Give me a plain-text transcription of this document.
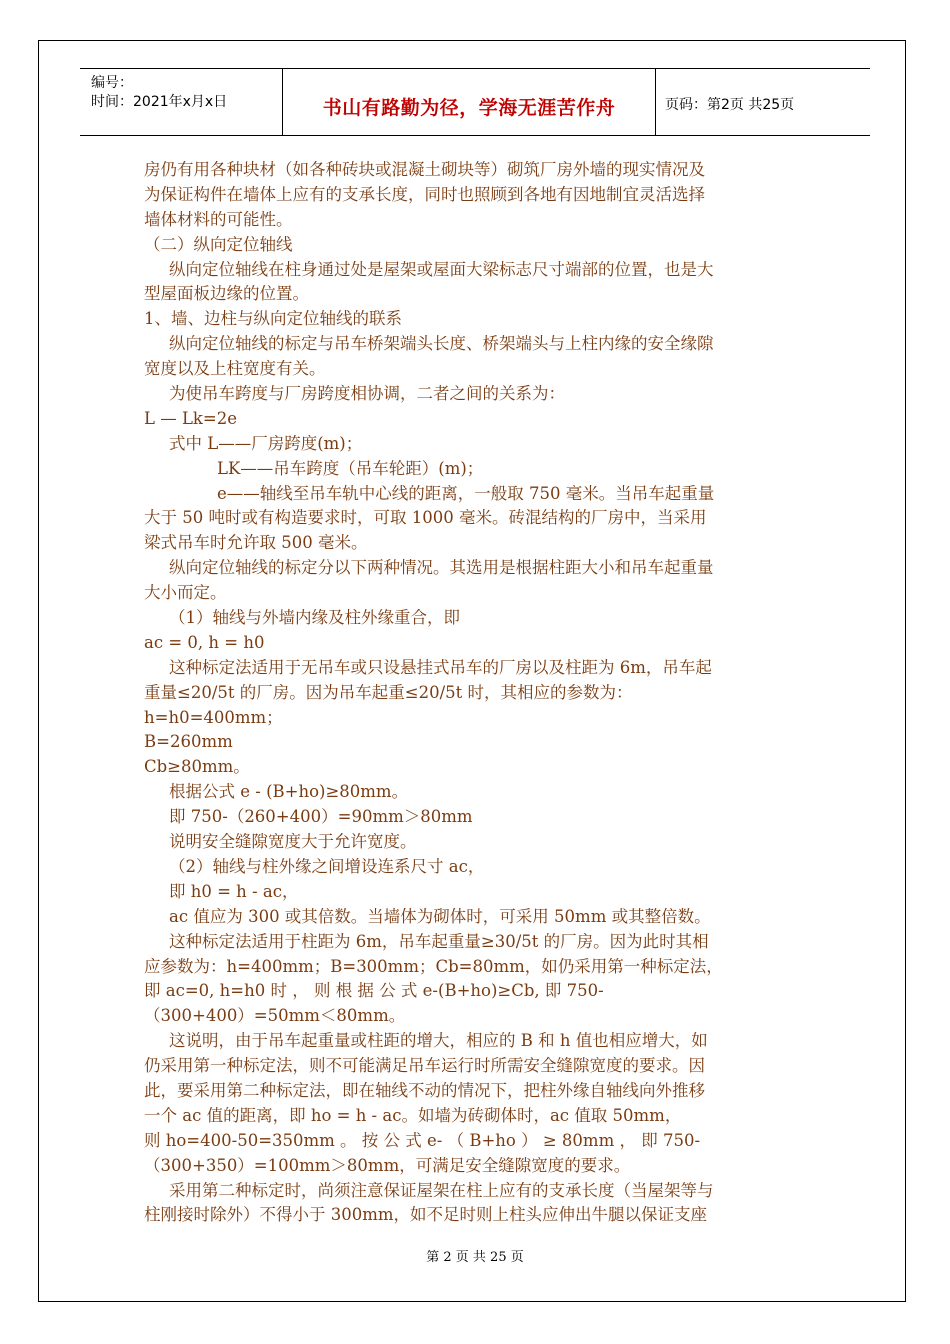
编号：
时间：2021年x月x日	书山有路勤为径，学海无涯苦作舟	页码：第2页 共25页
房仍有用各种块材（如各种砖块或混凝土砌块等）砌筑厂房外墙的现实情况及
为保证构件在墙体上应有的支承长度，同时也照顾到各地有因地制宜灵活选择
墙体材料的可能性。
（二）纵向定位轴线
纵向定位轴线在柱身通过处是屋架或屋面大梁标志尺寸端部的位置，也是大
型屋面板边缘的位置。
1、墙、边柱与纵向定位轴线的联系
纵向定位轴线的标定与吊车桥架端头长度、桥架端头与上柱内缘的安全缘隙
宽度以及上柱宽度有关。
为使吊车跨度与厂房跨度相协调，二者之间的关系为：
L — Lk=2e
式中 L——厂房跨度(m)；
LK——吊车跨度（吊车轮距）(m)；
e——轴线至吊车轨中心线的距离，一般取 750 毫米。当吊车起重量
大于 50 吨时或有构造要求时，可取 1000 毫米。砖混结构的厂房中，当采用
梁式吊车时允许取 500 毫米。
纵向定位轴线的标定分以下两种情况。其选用是根据柱距大小和吊车起重量
大小而定。
（1）轴线与外墙内缘及柱外缘重合，即
ac = 0, h = h0
这种标定法适用于无吊车或只设悬挂式吊车的厂房以及柱距为 6m，吊车起
重量≤20/5t 的厂房。因为吊车起重≤20/5t 时，其相应的参数为：
h=h0=400mm；
B=260mm
Cb≥80mm。
根据公式 e - (B+ho)≥80mm。
即 750-（260+400）=90mm＞80mm
说明安全缝隙宽度大于允许宽度。
（2）轴线与柱外缘之间增设连系尺寸 ac，
即 h0 = h - ac，
ac 值应为 300 或其倍数。当墙体为砌体时，可采用 50mm 或其整倍数。
这种标定法适用于柱距为 6m，吊车起重量≥30/5t 的厂房。因为此时其相
应参数为：h=400mm；B=300mm；Cb=80mm，如仍采用第一种标定法，
即 ac=0, h=h0 时 ， 则 根 据 公 式 e-(B+ho)≥Cb, 即 750-
（300+400）=50mm＜80mm。
这说明，由于吊车起重量或柱距的增大，相应的 B 和 h 值也相应增大，如
仍采用第一种标定法，则不可能满足吊车运行时所需安全缝隙宽度的要求。因
此，要采用第二种标定法，即在轴线不动的情况下，把柱外缘自轴线向外推移
一个 ac 值的距离，即 ho = h - ac。如墙为砖砌体时，ac 值取 50mm，
则 ho=400-50=350mm 。 按 公 式 e- （ B+ho ） ≥ 80mm ， 即 750-
（300+350）=100mm＞80mm，可满足安全缝隙宽度的要求。
采用第二种标定时，尚须注意保证屋架在柱上应有的支承长度（当屋架等与
柱刚接时除外）不得小于 300mm，如不足时则上柱头应伸出牛腿以保证支座
第 2 页 共 25 页
